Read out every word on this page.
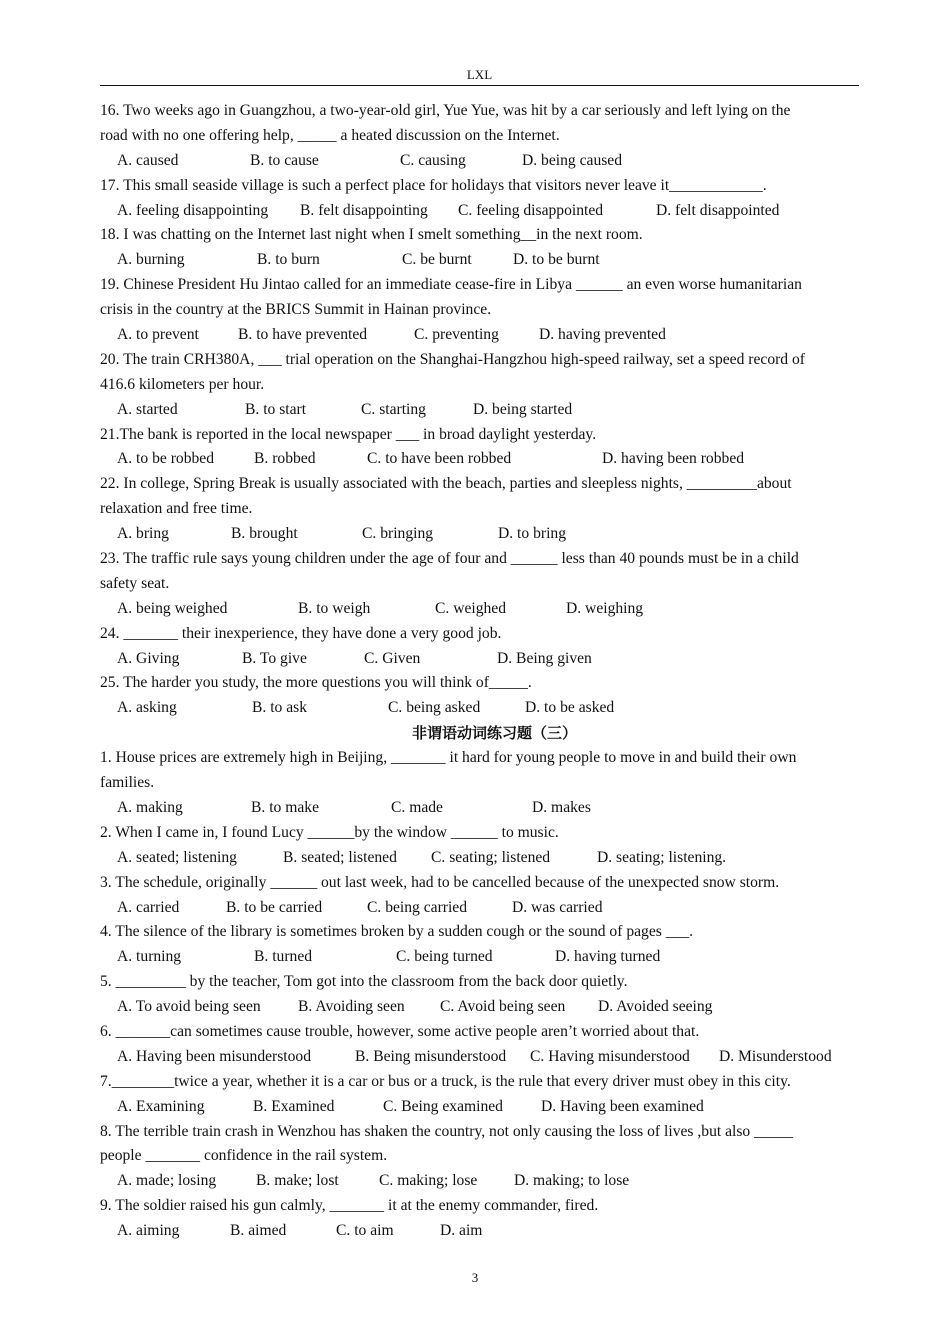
LXL
16. Two weeks ago in Guangzhou, a two-year-old girl, Yue Yue, was hit by a car seriously and left lying on the
road with no one offering help, _____ a heated discussion on the Internet.
A. caused	B. to cause	C. causing	D. being caused
17. This small seaside village is such a perfect place for holidays that visitors never leave it____________.
A. feeling disappointing B. felt disappointing C. feeling disappointed	D. felt disappointed
18. I was chatting on the Internet last night when I smelt something__in the next room.
A. burning	B. to burn	C. be burnt	D. to be burnt
19. Chinese President Hu Jintao called for an immediate cease-fire in Libya ______ an even worse humanitarian
crisis in the country at the BRICS Summit in Hainan province.
A. to prevent	B. to have prevented	C. preventing	D. having prevented
20. The train CRH380A, ___ trial operation on the Shanghai-Hangzhou high-speed railway, set a speed record of
416.6 kilometers per hour.
A. started	B. to start	C. starting	D. being started
21.The bank is reported in the local newspaper ___ in broad daylight yesterday.
A. to be robbed	B. robbed	C. to have been robbed	D. having been robbed
22. In college, Spring Break is usually associated with the beach, parties and sleepless nights, _________about
relaxation and free time.
A. bring	B. brought	C. bringing	D. to bring
23. The traffic rule says young children under the age of four and ______ less than 40 pounds must be in a child
safety seat.
A. being weighed	B. to weigh	C. weighed	D. weighing
24. _______ their inexperience, they have done a very good job.
A. Giving	B. To give	C. Given	D. Being given
25. The harder you study, the more questions you will think of_____.
A. asking	B. to ask	C. being asked	D. to be asked
非谓语动词练习题（三）
1. House prices are extremely high in Beijing, _______ it hard for young people to move in and build their own
families.
A. making	B. to make	C. made	D. makes
2. When I came in, I found Lucy ______by the window ______ to music.
A. seated; listening	B. seated; listened C. seating; listened	D. seating; listening.
3. The schedule, originally ______ out last week, had to be cancelled because of the unexpected snow storm.
A. carried	B. to be carried	C. being carried	D. was carried
4. The silence of the library is sometimes broken by a sudden cough or the sound of pages ___.
A. turning	B. turned	C. being turned	D. having turned
5. _________ by the teacher, Tom got into the classroom from the back door quietly.
A. To avoid being seen B. Avoiding seen C. Avoid being seen D. Avoided seeing
6. _______can sometimes cause trouble, however, some active people aren’t worried about that.
A. Having been misunderstood	B. Being misunderstood C. Having misunderstood D. Misunderstood
7.________twice a year, whether it is a car or bus or a truck, is the rule that every driver must obey in this city.
A. Examining	B. Examined	C. Being examined D. Having been examined
8. The terrible train crash in Wenzhou has shaken the country, not only causing the loss of lives ,but also _____
people _______ confidence in the rail system.
A. made; losing	B. make; lost	C. making; lose D. making; to lose
9. The soldier raised his gun calmly, _______ it at the enemy commander, fired.
A. aiming	B. aimed	C. to aim	D. aim
3
